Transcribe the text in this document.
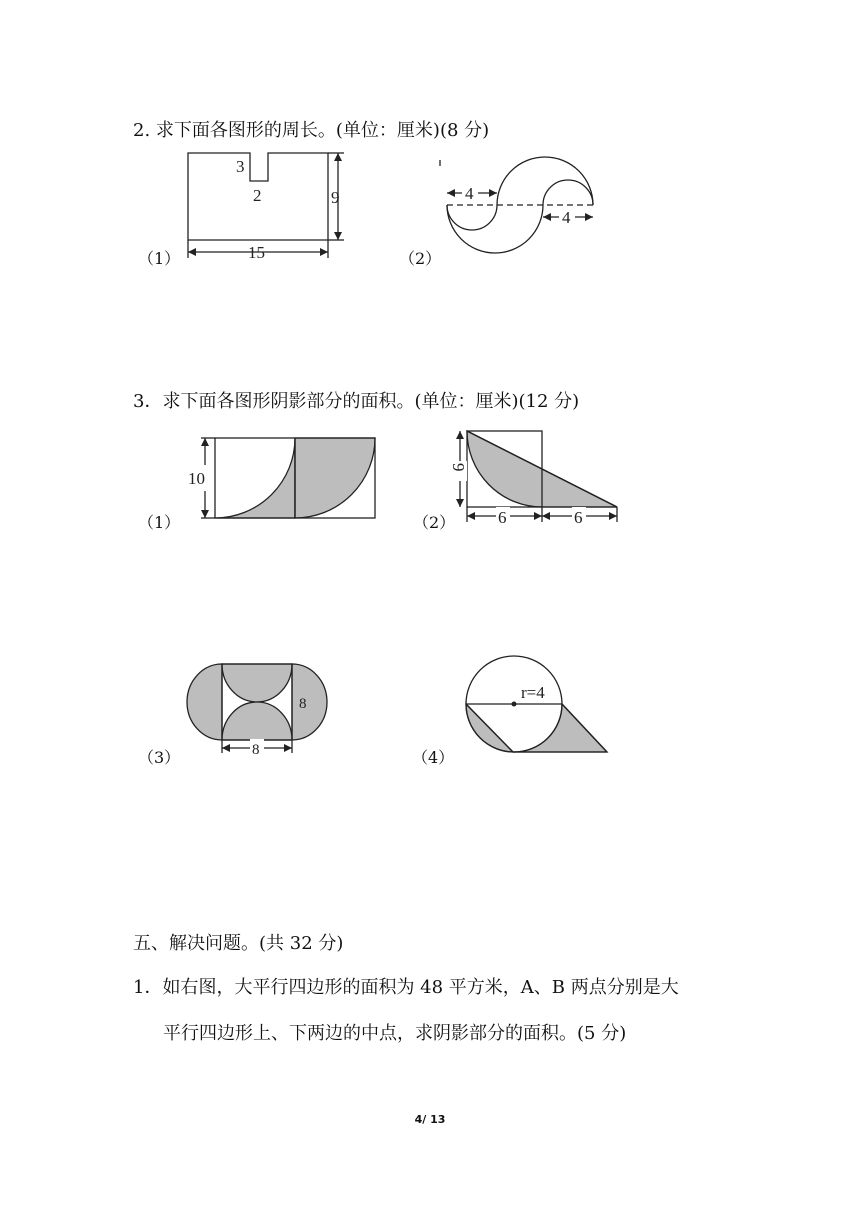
2. 求下面各图形的周长。(单位：厘米)(8 分)
3
2	9
15
（1）
4
4
（2）
3．求下面各图形阴影部分的面积。(单位：厘米)(12 分)
10
（1）
9
6	6
（2）
8
8
（3）
r=4
（4）
五、解决问题。(共 32 分)
1．如右图，大平行四边形的面积为 48 平方米，A、B 两点分别是大
平行四边形上、下两边的中点，求阴影部分的面积。(5 分)
4/ 13
